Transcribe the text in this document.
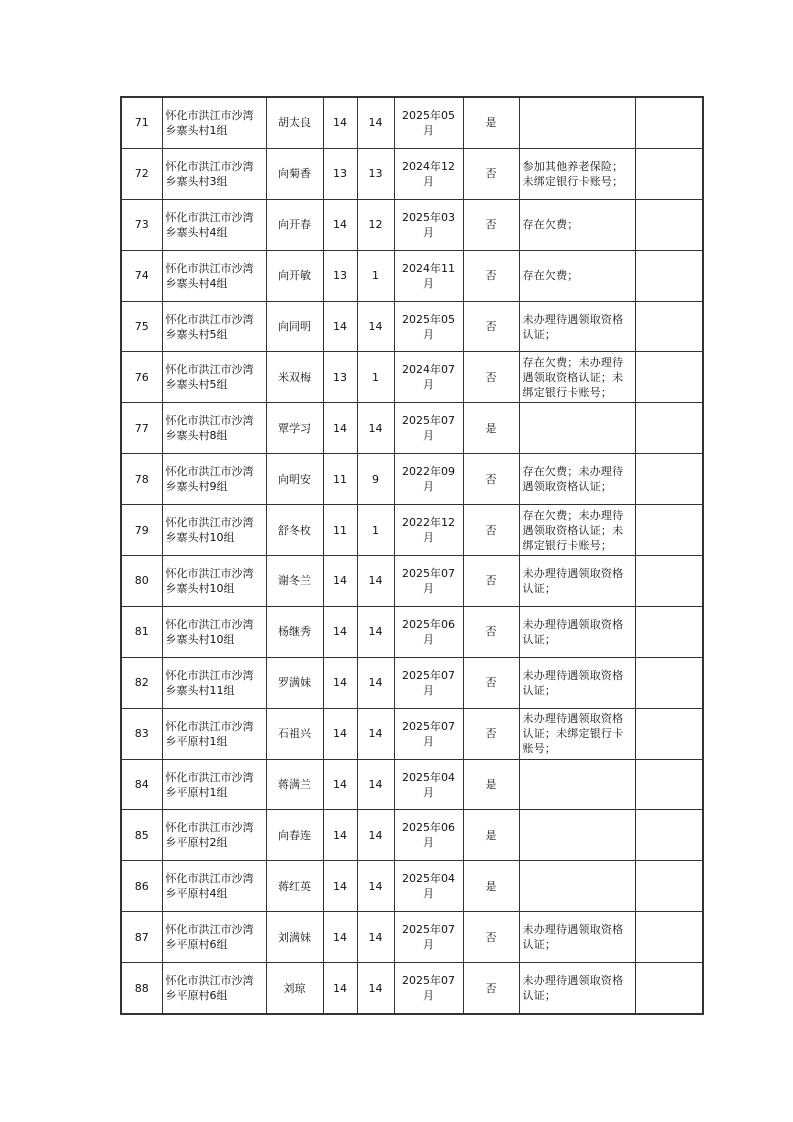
71	怀化市洪江市沙湾乡寨头村1组	胡太良	14	14	2025年05月	是		
72	怀化市洪江市沙湾乡寨头村3组	向菊香	13	13	2024年12月	否	参加其他养老保险；未绑定银行卡账号；	
73	怀化市洪江市沙湾乡寨头村4组	向开春	14	12	2025年03月	否	存在欠费；	
74	怀化市洪江市沙湾乡寨头村4组	向开敏	13	1	2024年11月	否	存在欠费；	
75	怀化市洪江市沙湾乡寨头村5组	向同明	14	14	2025年05月	否	未办理待遇领取资格认证；	
76	怀化市洪江市沙湾乡寨头村5组	米双梅	13	1	2024年07月	否	存在欠费；未办理待遇领取资格认证；未绑定银行卡账号；	
77	怀化市洪江市沙湾乡寨头村8组	覃学习	14	14	2025年07月	是		
78	怀化市洪江市沙湾乡寨头村9组	向明安	11	9	2022年09月	否	存在欠费；未办理待遇领取资格认证；	
79	怀化市洪江市沙湾乡寨头村10组	舒冬枚	11	1	2022年12月	否	存在欠费；未办理待遇领取资格认证；未绑定银行卡账号；	
80	怀化市洪江市沙湾乡寨头村10组	谢冬兰	14	14	2025年07月	否	未办理待遇领取资格认证；	
81	怀化市洪江市沙湾乡寨头村10组	杨继秀	14	14	2025年06月	否	未办理待遇领取资格认证；	
82	怀化市洪江市沙湾乡寨头村11组	罗满妹	14	14	2025年07月	否	未办理待遇领取资格认证；	
83	怀化市洪江市沙湾乡平原村1组	石祖兴	14	14	2025年07月	否	未办理待遇领取资格认证；未绑定银行卡账号；	
84	怀化市洪江市沙湾乡平原村1组	蒋满兰	14	14	2025年04月	是		
85	怀化市洪江市沙湾乡平原村2组	向春连	14	14	2025年06月	是		
86	怀化市洪江市沙湾乡平原村4组	蒋红英	14	14	2025年04月	是		
87	怀化市洪江市沙湾乡平原村6组	刘满妹	14	14	2025年07月	否	未办理待遇领取资格认证；	
88	怀化市洪江市沙湾乡平原村6组	刘琼	14	14	2025年07月	否	未办理待遇领取资格认证；	
